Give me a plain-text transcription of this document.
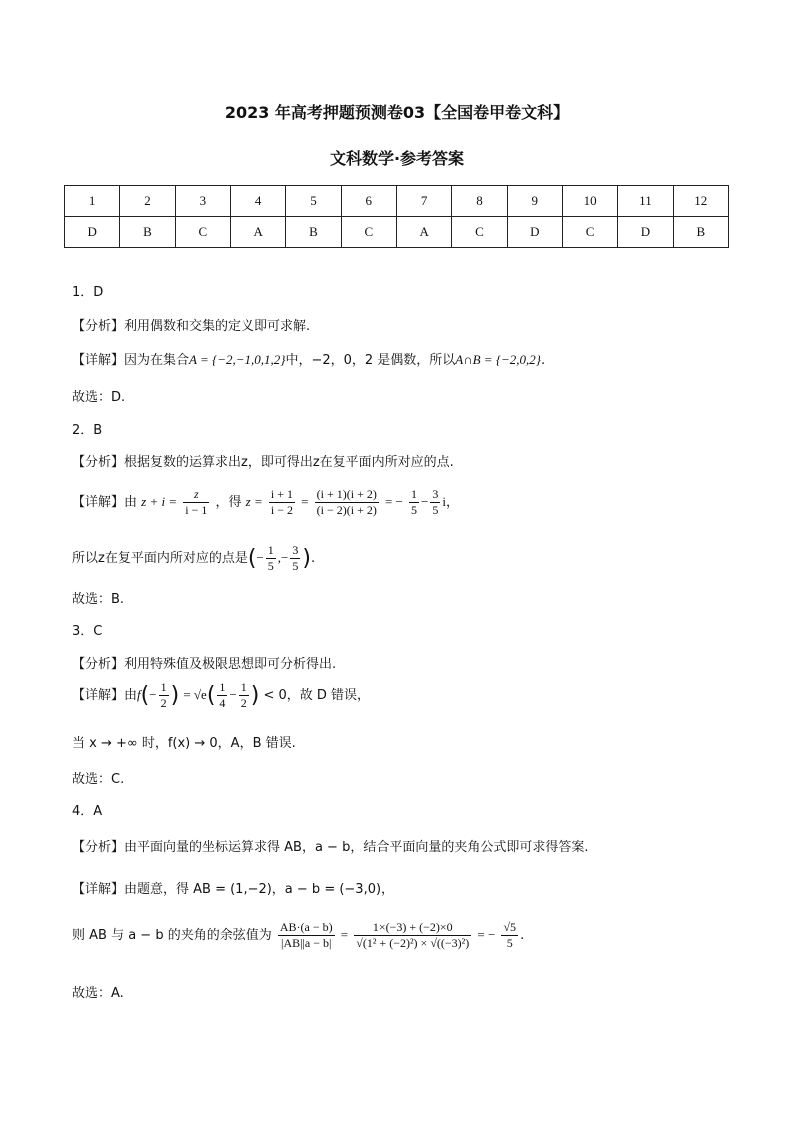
2023 年高考押题预测卷03【全国卷甲卷文科】
文科数学·参考答案
1	2	3	4	5	6	7	8	9	10	11	12
D	B	C	A	B	C	A	C	D	C	D	B
1．D
【分析】利用偶数和交集的定义即可求解.
【详解】因为在集合A = {−2,−1,0,1,2}中，−2，0，2 是偶数，所以A∩B = {−2,0,2}.
故选：D.
2．B
【分析】根据复数的运算求出z，即可得出z在复平面内所对应的点.
【详解】由 $z + i = \frac{z}{i - 1}$ ，得 $z = \frac{i + 1}{i - 2} = \frac{(i + 1)(i + 2)}{(i - 2)(i + 2)}$ = − $\frac{1}{5} - \frac{3}{5}$ i，
所以z在复平面内所对应的点是(− $\frac{1}{5}$ ,− $\frac{3}{5}$ ).
故选：B.
3．C
【分析】利用特殊值及极限思想即可分析得出.
【详解】由$f(- \frac{1}{2}$ ) = $√e( \frac{1}{4} - \frac{1}{2}$ ) < 0，故 D 错误，
当 x → +∞ 时，f(x) → 0，A，B 错误.
故选：C.
4．A
【分析】由平面向量的坐标运算求得 AB，a − b，结合平面向量的夹角公式即可求得答案.
【详解】由题意，得 AB = (1,−2)，a − b = (−3,0)，
则 AB 与 a − b 的夹角的余弦值为 $\frac{AB\cdot(a - b)}{|AB||a - b|} = \frac{1\times(-3) + (-2)\times 0}{\text{√(1² + (−2)²) × √((−3)²)}}$ = − $\frac{√5}{5}$ .
故选：A.
